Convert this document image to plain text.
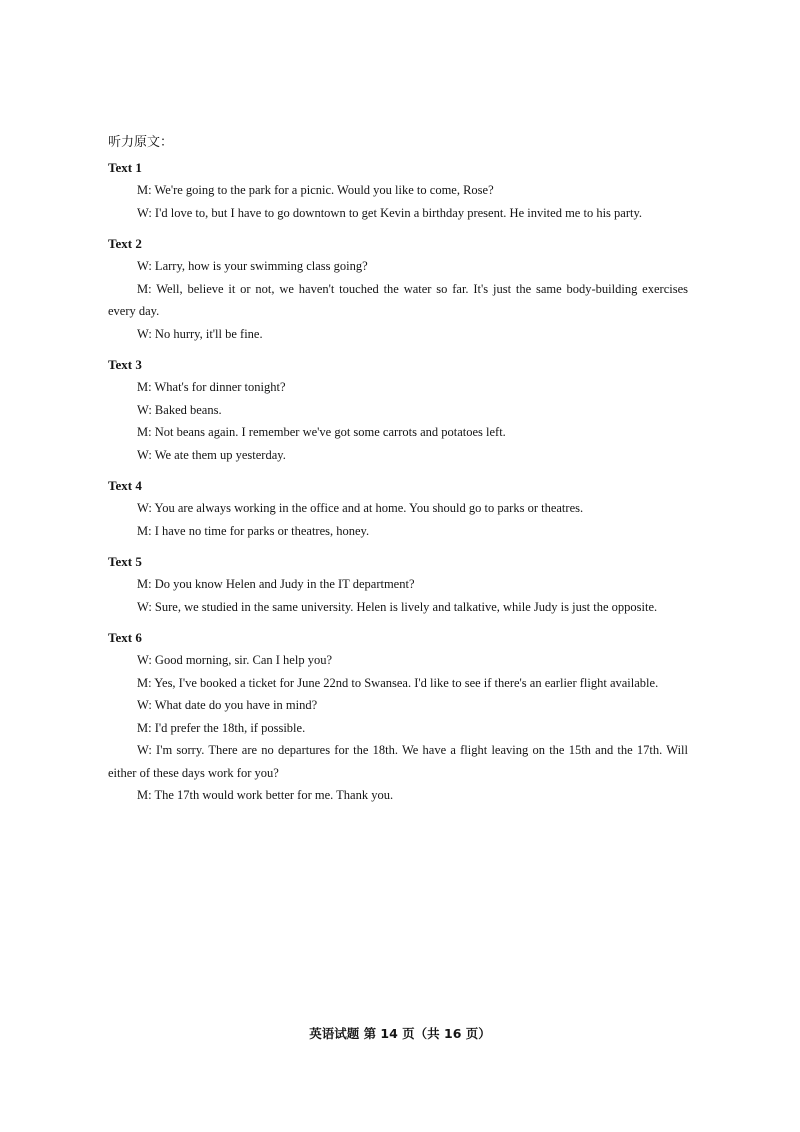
听力原文：
Text 1

M: We're going to the park for a picnic. Would you like to come, Rose?

W: I'd love to, but I have to go downtown to get Kevin a birthday present. He invited me to his party.

Text 2

W: Larry, how is your swimming class going?

M: Well, believe it or not, we haven't touched the water so far. It's just the same body-building exercises every day.

W: No hurry, it'll be fine.

Text 3

M: What's for dinner tonight?

W: Baked beans.

M: Not beans again. I remember we've got some carrots and potatoes left.

W: We ate them up yesterday.

Text 4

W: You are always working in the office and at home. You should go to parks or theatres.

M: I have no time for parks or theatres, honey.

Text 5

M: Do you know Helen and Judy in the IT department?

W: Sure, we studied in the same university. Helen is lively and talkative, while Judy is just the opposite.

Text 6

W: Good morning, sir. Can I help you?

M: Yes, I've booked a ticket for June 22nd to Swansea. I'd like to see if there's an earlier flight available.

W: What date do you have in mind?

M: I'd prefer the 18th, if possible.

W: I'm sorry. There are no departures for the 18th. We have a flight leaving on the 15th and the 17th. Will either of these days work for you?

M: The 17th would work better for me. Thank you.

英语试题 第 14 页（共 16 页）
